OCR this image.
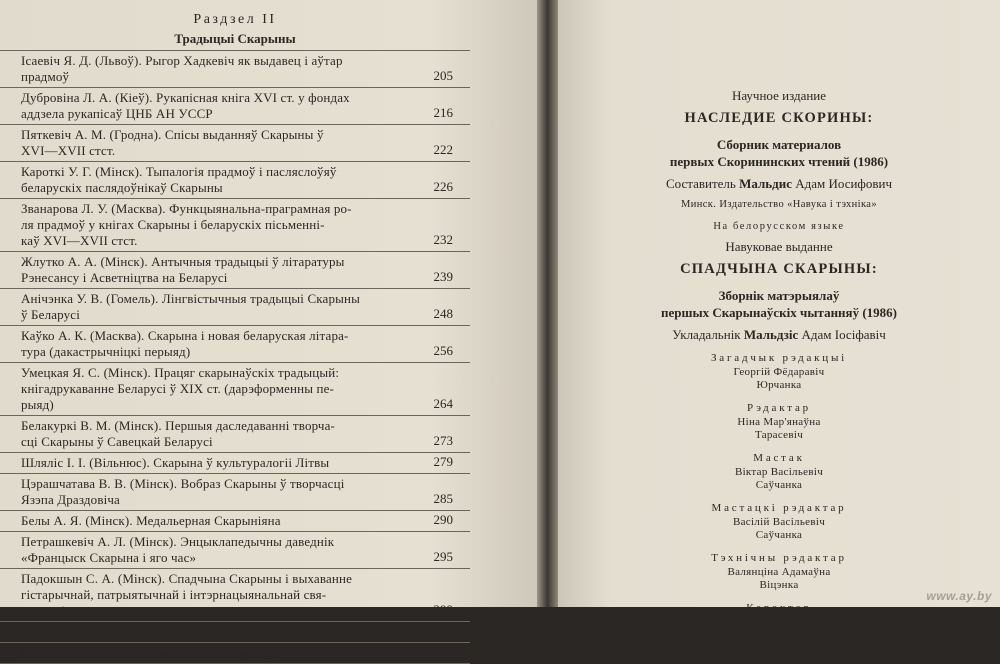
Раздзел II
Традыцыі Скарыны
Ісаевіч Я. Д. (Львоў). Рыгор Хадкевіч як выдавец і аўтар
прадмоў	205
Дубровіна Л. А. (Кіеў). Рукапісная кніга XVI ст. у фондах
аддзела рукапісаў ЦНБ АН УССР	216
Пяткевіч А. М. (Гродна). Спісы выданняў Скарыны ў
XVI—XVII стст.	222
Кароткі У. Г. (Мінск). Тыпалогія прадмоў і пасляслоўяў
беларускіх паслядоўнікаў Скарыны	226
Званарова Л. У. (Масква). Функцыянальна-праграмная ро-
ля прадмоў у кнігах Скарыны і беларускіх пісьменні-
каў XVI—XVII стст.	232
Жлутко А. А. (Мінск). Антычныя традыцыі ў літаратуры
Рэнесансу і Асветніцтва на Беларусі	239
Анічэнка У. В. (Гомель). Лінгвістычныя традыцыі Скарыны
ў Беларусі	248
Каўко А. К. (Масква). Скарына і новая беларуская літара-
тура (дакастрычніцкі перыяд)	256
Умецкая Я. С. (Мінск). Працяг скарынаўскіх традыцый:
кнігадрукаванне Беларусі ў XIX ст. (дарэформенны пе-
рыяд)	264
Белакуркі В. М. (Мінск). Першыя даследаванні творча-
сці Скарыны ў Савецкай Беларусі	273
Шляліс І. І. (Вільнюс). Скарына ў культуралогіі Літвы	279
Цэрашчатава В. В. (Мінск). Вобраз Скарыны ў творчасці
Язэпа Драздовіча	285
Белы А. Я. (Мінск). Медальерная Скарыніяна	290
Петрашкевіч А. Л. (Мінск). Энцыклапедычны даведнік
«Францыск Скарына і яго час»	295
Падокшын С. А. (Мінск). Спадчына Скарыны і выхаванне
гістарычнай, патрыятычнай і інтэрнацыянальнай свя-
домасці	299
Кароткае аб аўтарах	305
Імянны паказальнік (Склад. А. А. Мельнікаў)	308
Научное издание
НАСЛЕДИЕ СКОРИНЫ:
Сборник материалов
первых Скорининских чтений (1986)
Составитель Мальдис Адам Иосифович
Минск. Издательство «Навука і тэхніка»
На белорусском языке
Навуковае выданне
СПАДЧЫНА СКАРЫНЫ:
Зборнік матэрыялаў
першых Скарынаўскіх чытанняў (1986)
Укладальнік Мальдзіс Адам Іосіфавіч
Загадчык рэдакцыі
Георгій Фёдаравіч
Юрчанка
Рэдактар
Ніна Мар'янаўна
Тарасевіч
Мастак
Віктар Васільевіч
Саўчанка
Мастацкі рэдактар
Васілій Васільевіч
Саўчанка
Тэхнічны рэдактар
Валянціна Адамаўна
Віцэнка
Карэктар
Любоў Андрэеўна
Варабей
www.ay.by
